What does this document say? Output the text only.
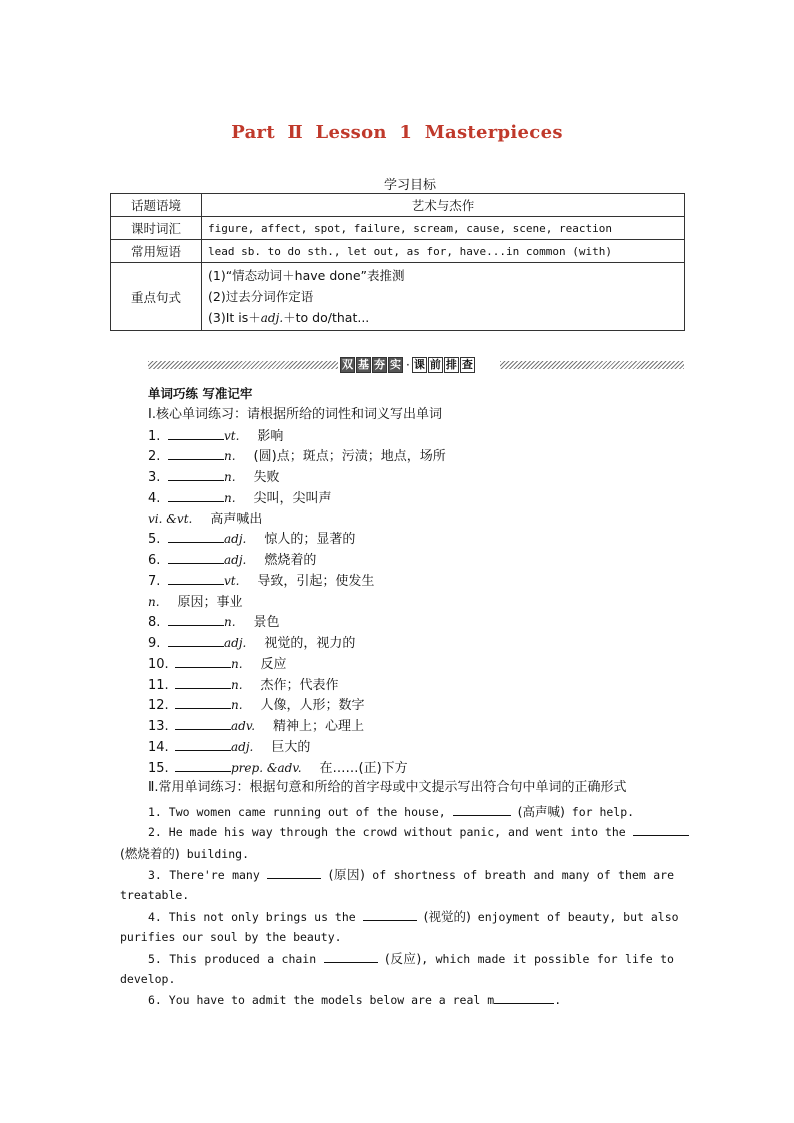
Part Ⅱ Lesson 1 Masterpieces
学习目标
话题语境	艺术与杰作
课时词汇	figure, affect, spot, failure, scream, cause, scene, reaction
常用短语	lead sb. to do sth., let out, as for, have...in common (with)
重点句式	(1)“情态动词＋have done”表推测
(2)过去分词作定语
(3)It is＋adj.＋to do/that...
双 基 夯 实 · 课 前 排 查
单词巧练 写准记牢
Ⅰ.核心单词练习：请根据所给的词性和词义写出单词
1.	vt. 影响
2.	n. (圆)点；斑点；污渍；地点，场所
3.	n. 失败
4.	n. 尖叫，尖叫声
vi. &vt. 高声喊出
5.	adj. 惊人的；显著的
6.	adj. 燃烧着的
7.	vt. 导致，引起；使发生
n. 原因；事业
8.	n. 景色
9.	adj. 视觉的，视力的
10.	n. 反应
11.	n. 杰作；代表作
12.	n. 人像，人形；数字
13.	adv. 精神上；心理上
14.	adj. 巨大的
15.	prep. &adv. 在……(正)下方
Ⅱ.常用单词练习：根据句意和所给的首字母或中文提示写出符合句中单词的正确形式
1. Two women came running out of the house,	(高声喊) for help.
2. He made his way through the crowd without panic, and went into the
(燃烧着的) building.
3. There're many	(原因) of shortness of breath and many of them are
treatable.
4. This not only brings us the	(视觉的) enjoyment of beauty, but also
purifies our soul by the beauty.
5. This produced a chain	(反应), which made it possible for life to
develop.
6. You have to admit the models below are a real m	.
